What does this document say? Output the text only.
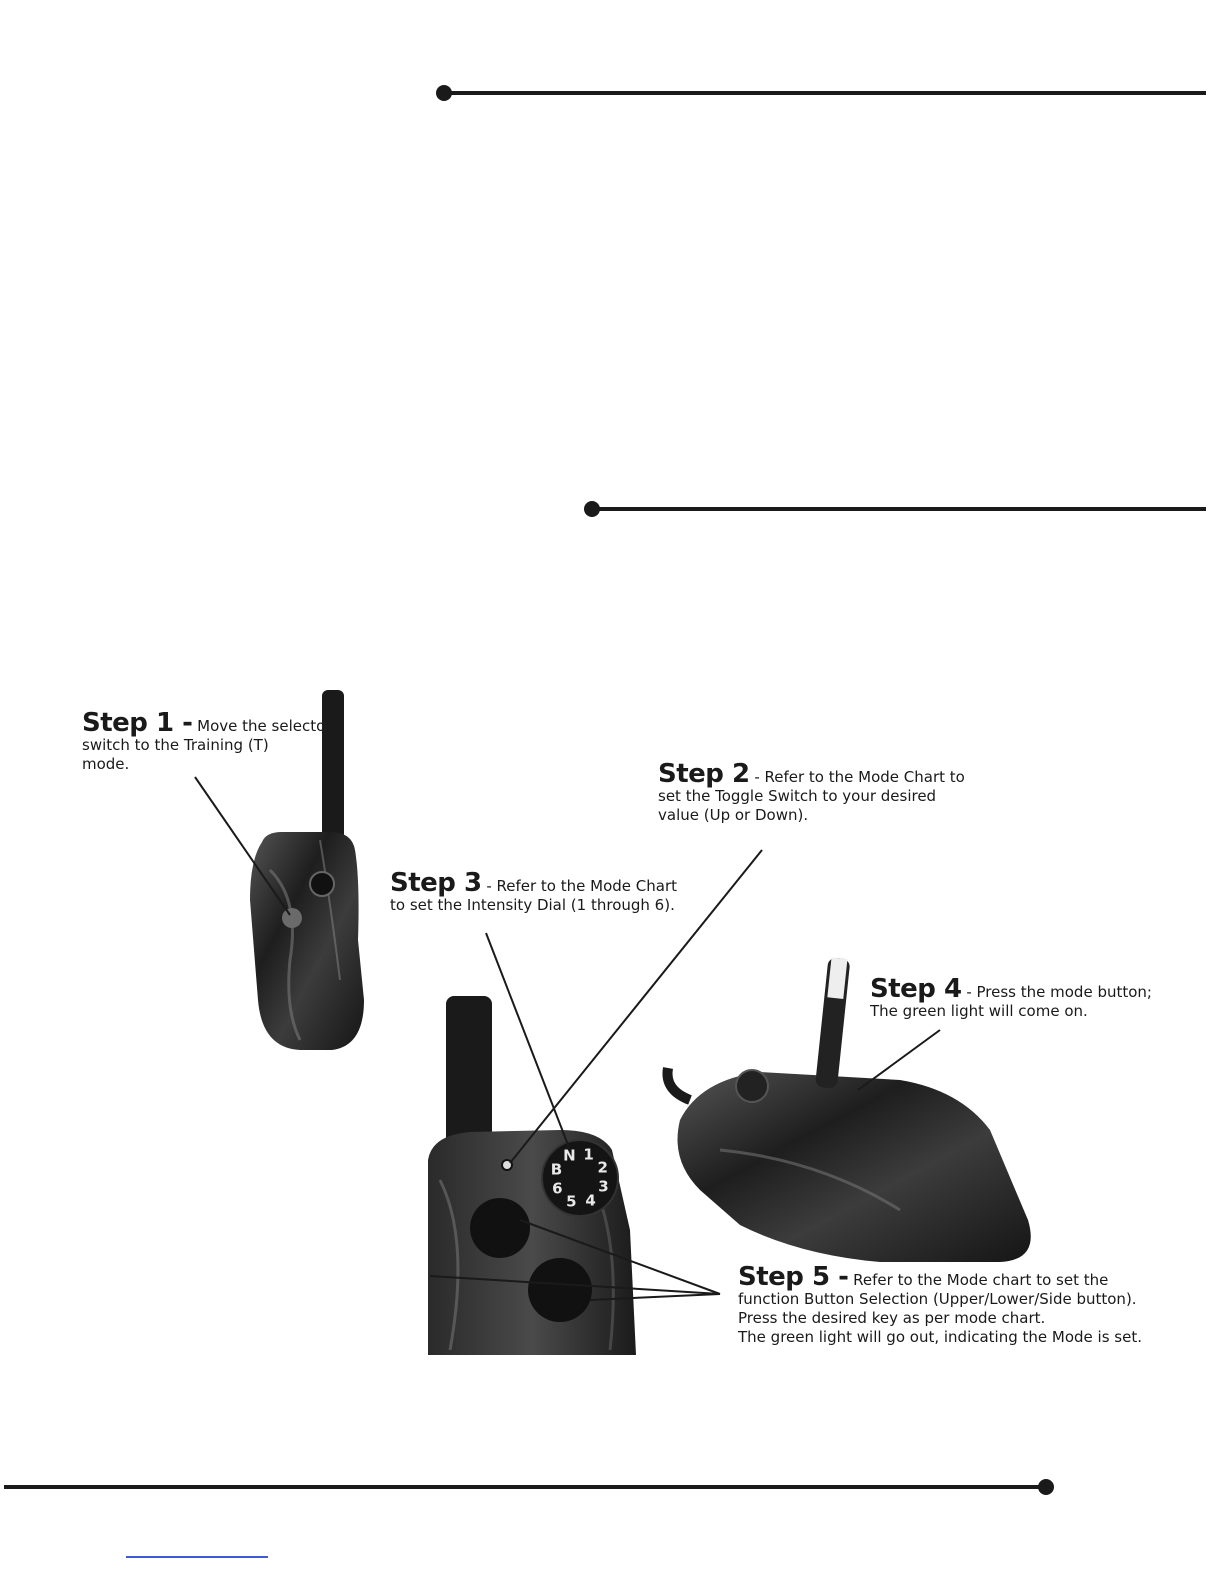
B
N 1
2
3
4
5
6
Step 1 - Move the selector
switch to the Training (T)
mode.	Step 2 - Refer to the Mode Chart to
set the Toggle Switch to your desired
value (Up or Down).
Step 3 - Refer to the Mode Chart
to set the Intensity Dial (1 through 6).
Step 4 - Press the mode button;
The green light will come on.
Step 5 - Refer to the Mode chart to set the
function Button Selection (Upper/Lower/Side button).
Press the desired key as per mode chart.
The green light will go out, indicating the Mode is set.
